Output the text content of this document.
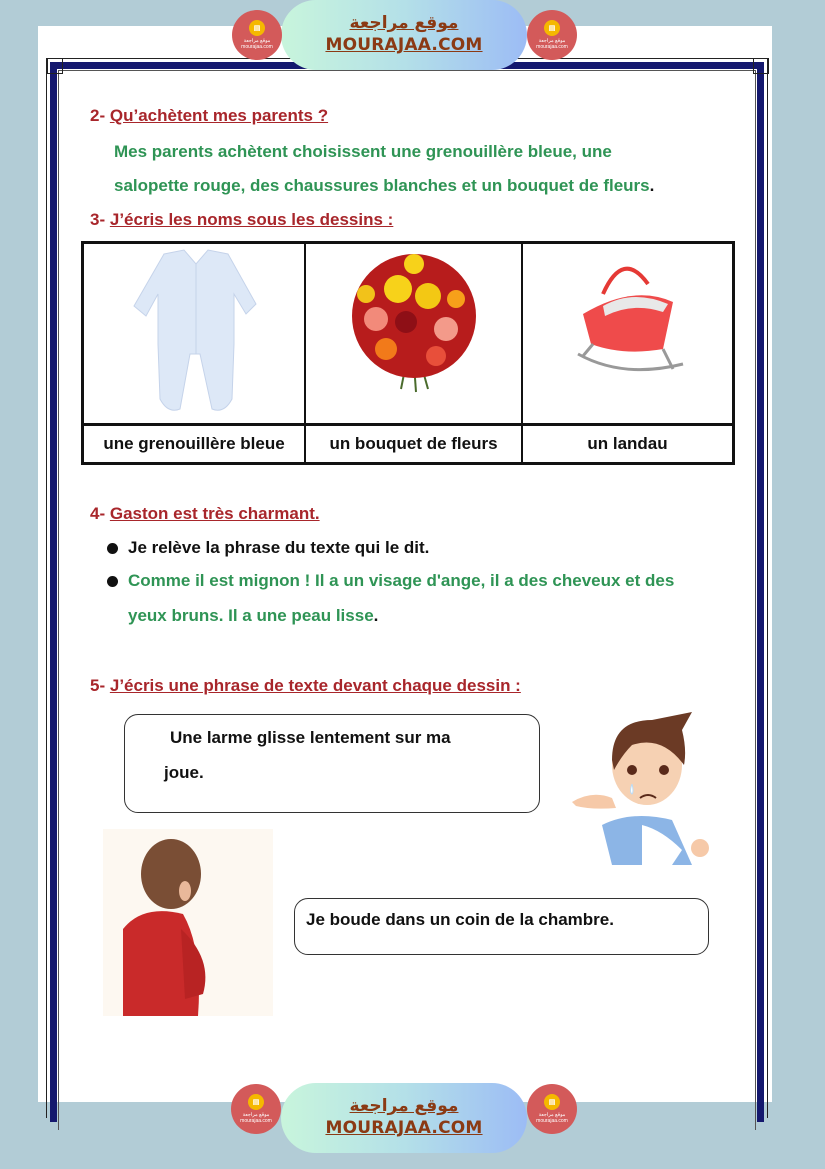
▤
موقع مراجعة mourajaa.com
موقع مراجعة
MOURAJAA.COM
▤
موقع مراجعة mourajaa.com
2- Qu’achètent mes parents ?
Mes parents achètent choisissent une grenouillère bleue, une
salopette rouge, des chaussures blanches et un bouquet de fleurs.
3- J’écris les noms sous les dessins :
une grenouillère bleue	un bouquet de fleurs	un landau
4- Gaston est très charmant.
Je relève la phrase du texte qui le dit.
Comme il est mignon ! Il a un visage d'ange, il a des cheveux et des
yeux bruns. Il a une peau lisse.
5- J’écris une phrase de texte devant chaque dessin :
Une larme glisse lentement sur ma
joue.
Je boude dans un coin de la chambre.
▤
موقع مراجعة mourajaa.com
موقع مراجعة
MOURAJAA.COM
▤
موقع مراجعة mourajaa.com
